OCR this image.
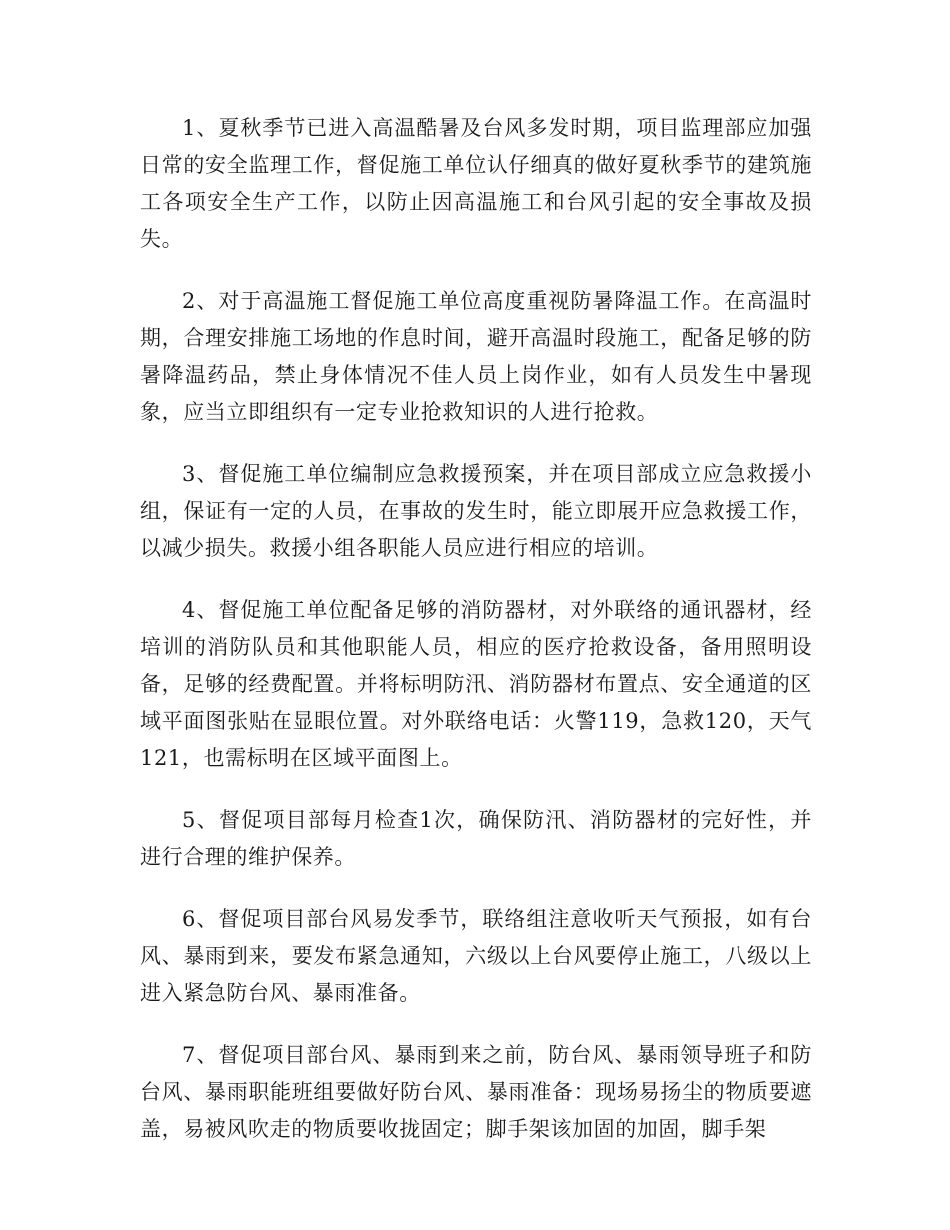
1、夏秋季节已进入高温酷暑及台风多发时期，项目监理部应加强日常的安全监理工作，督促施工单位认仔细真的做好夏秋季节的建筑施工各项安全生产工作，以防止因高温施工和台风引起的安全事故及损失。

2、对于高温施工督促施工单位高度重视防暑降温工作。在高温时期，合理安排施工场地的作息时间，避开高温时段施工，配备足够的防暑降温药品，禁止身体情况不佳人员上岗作业，如有人员发生中暑现象，应当立即组织有一定专业抢救知识的人进行抢救。

3、督促施工单位编制应急救援预案，并在项目部成立应急救援小组，保证有一定的人员，在事故的发生时，能立即展开应急救援工作，以减少损失。救援小组各职能人员应进行相应的培训。

4、督促施工单位配备足够的消防器材，对外联络的通讯器材，经培训的消防队员和其他职能人员，相应的医疗抢救设备，备用照明设备，足够的经费配置。并将标明防汛、消防器材布置点、安全通道的区域平面图张贴在显眼位置。对外联络电话：火警119，急救120，天气121，也需标明在区域平面图上。

5、督促项目部每月检查1次，确保防汛、消防器材的完好性，并进行合理的维护保养。

6、督促项目部台风易发季节，联络组注意收听天气预报，如有台风、暴雨到来，要发布紧急通知，六级以上台风要停止施工，八级以上进入紧急防台风、暴雨准备。

7、督促项目部台风、暴雨到来之前，防台风、暴雨领导班子和防台风、暴雨职能班组要做好防台风、暴雨准备：现场易扬尘的物质要遮盖，易被风吹走的物质要收拢固定；脚手架该加固的加固，脚手架
